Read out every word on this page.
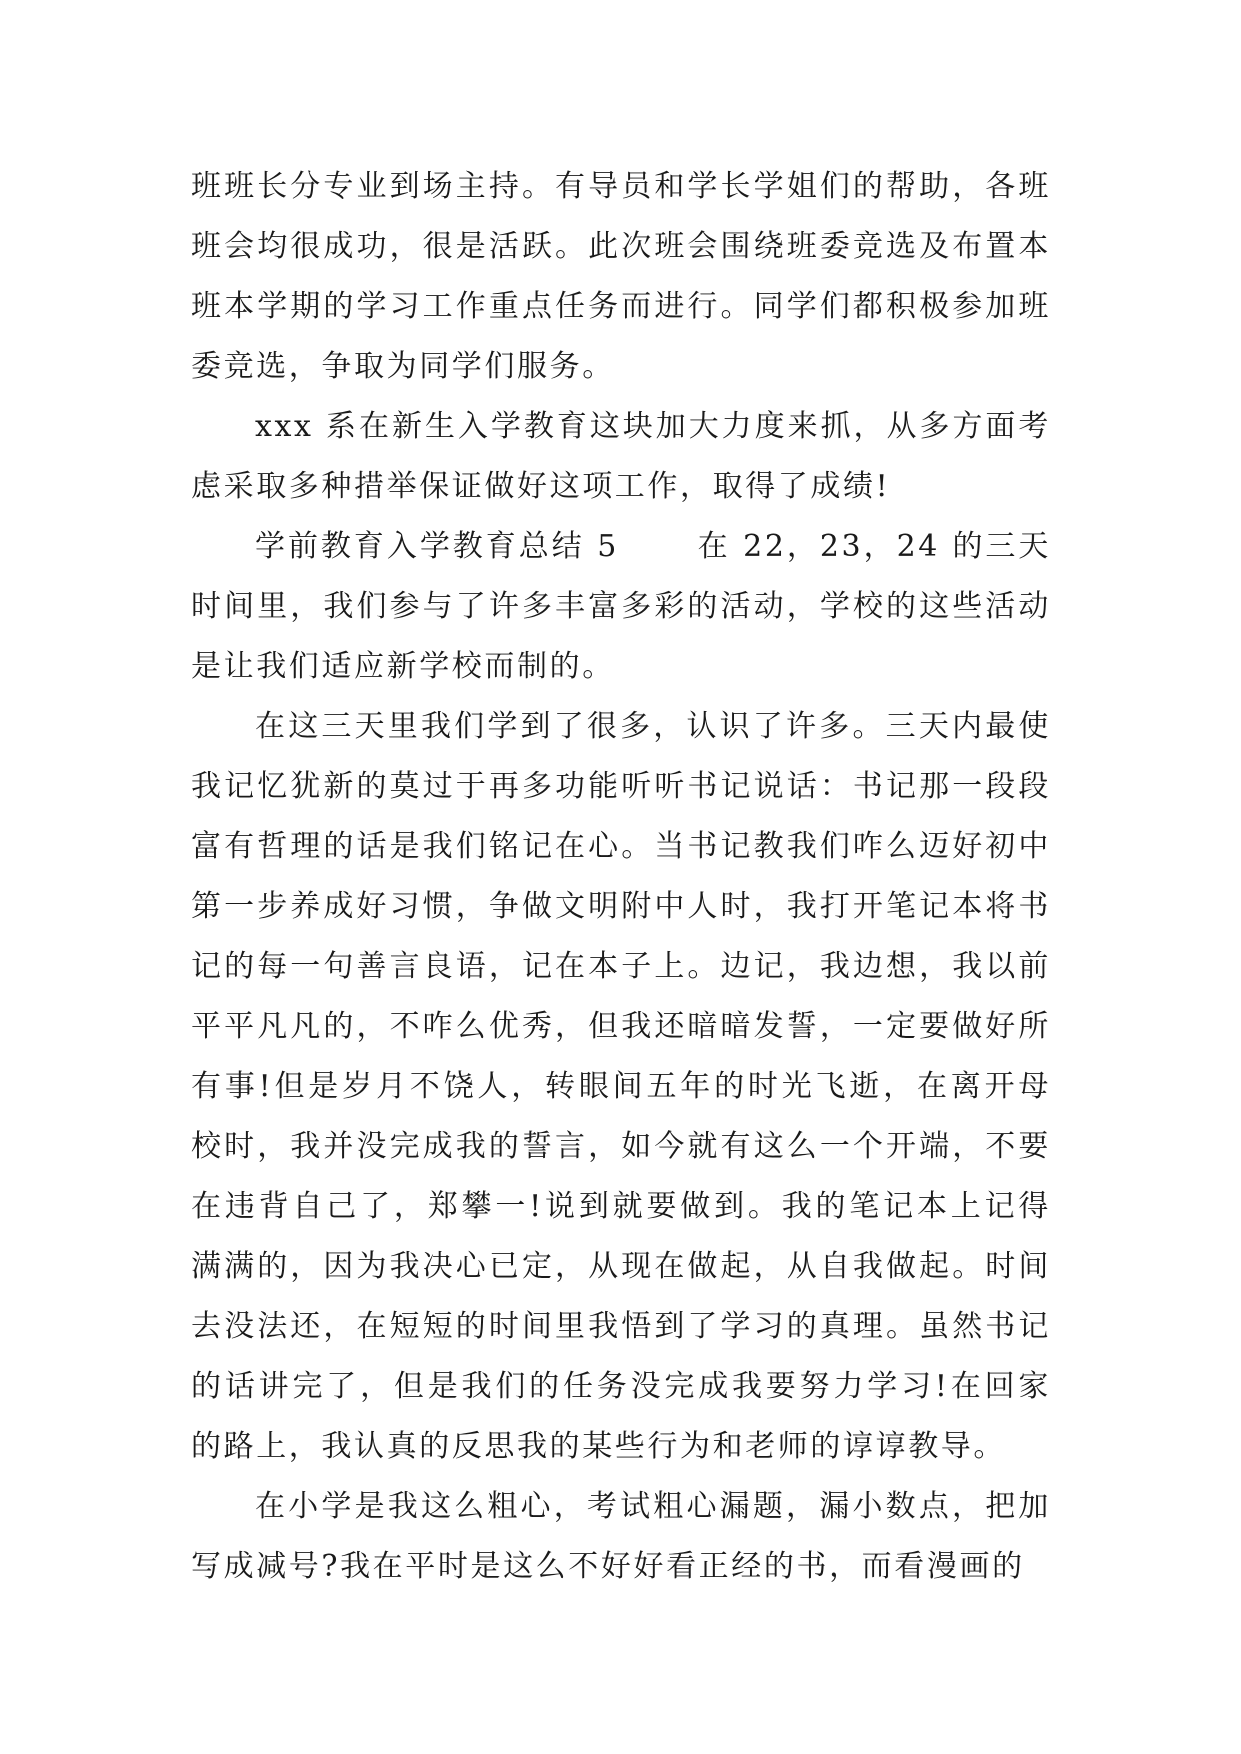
班班长分专业到场主持。有导员和学长学姐们的帮助，各班班会均很成功，很是活跃。此次班会围绕班委竞选及布置本班本学期的学习工作重点任务而进行。同学们都积极参加班委竞选，争取为同学们服务。

xxx 系在新生入学教育这块加大力度来抓，从多方面考虑采取多种措举保证做好这项工作，取得了成绩!

学前教育入学教育总结 5　　 在 22，23，24 的三天时间里，我们参与了许多丰富多彩的活动，学校的这些活动是让我们适应新学校而制的。

在这三天里我们学到了很多，认识了许多。三天内最使我记忆犹新的莫过于再多功能听听书记说话：书记那一段段富有哲理的话是我们铭记在心。当书记教我们咋么迈好初中第一步养成好习惯，争做文明附中人时，我打开笔记本将书记的每一句善言良语，记在本子上。边记，我边想，我以前平平凡凡的，不咋么优秀，但我还暗暗发誓，一定要做好所有事!但是岁月不饶人，转眼间五年的时光飞逝，在离开母校时，我并没完成我的誓言，如今就有这么一个开端，不要在违背自己了，郑攀一!说到就要做到。我的笔记本上记得满满的，因为我决心已定，从现在做起，从自我做起。时间去没法还，在短短的时间里我悟到了学习的真理。虽然书记的话讲完了，但是我们的任务没完成我要努力学习!在回家的路上，我认真的反思我的某些行为和老师的谆谆教导。

在小学是我这么粗心，考试粗心漏题，漏小数点，把加写成减号?我在平时是这么不好好看正经的书，而看漫画的
